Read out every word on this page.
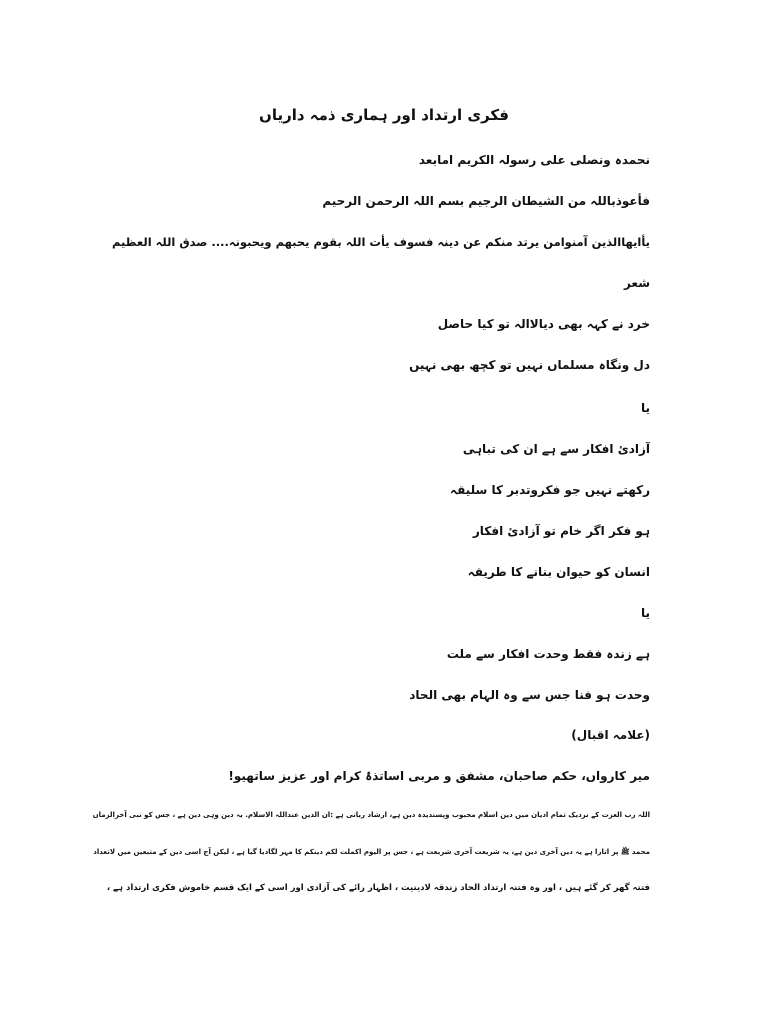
فکری ارتداد اور ہماری ذمہ داریاں
نحمدہ ونصلی علی رسولہ الکریم امابعد
فأعوذباللہ من الشیطان الرجیم بسم اللہ الرحمن الرحیم
یأایھاالذین آمنوامن یرتد منکم عن دینہ فسوف یأت اللہ بقوم یحبھم ویحبونہ.... صدق اللہ العظیم
شعر
خرد نے کہہ بھی دیالاالہ تو کیا حاصل
دل ونگاہ مسلماں نہیں تو کچھ بھی نہیں
یا
آزادئ افکار سے ہے ان کی تباہی
رکھتے نہیں جو فکروتدبر کا سلیقہ
ہو فکر اگر خام تو آزادئ افکار
انسان کو حیوان بنانے کا طریقہ
یا
ہے زندہ فقط وحدت افکار سے ملت
وحدت ہو فنا جس سے وہ الہام بھی الحاد
(علامہ اقبال)
میر کارواں، حکم صاحبان، مشفق و مربی اساتذۂ کرام اور عزیز ساتھیو!
اللہ رب العزت کے نزدیک تمام ادیان میں دین اسلام محبوب وپسندیدہ دین ہے، ارشاد ربانی ہے :ان الدین عنداللہ الاسلام. یہ دین وہی دین ہے ، جس کو نبی آخرالزماں
محمد ﷺ پر اتارا ہے یہ دین آخری دین ہے، یہ شریعت آخری شریعت ہے ، جس پر الیوم اکملت لکم دینکم کا مہر لگادیا گیا ہے ، لیکن آج اسی دین کے متبعین میں لاتعداد
فتنہ گھر کر گئے ہیں ، اور وہ فتنہ ارتداد الحاد زندقہ لادینیت ، اظہار رائے کی آزادی اور اسی کے ایک قسم خاموش فکری ارتداد ہے ،
